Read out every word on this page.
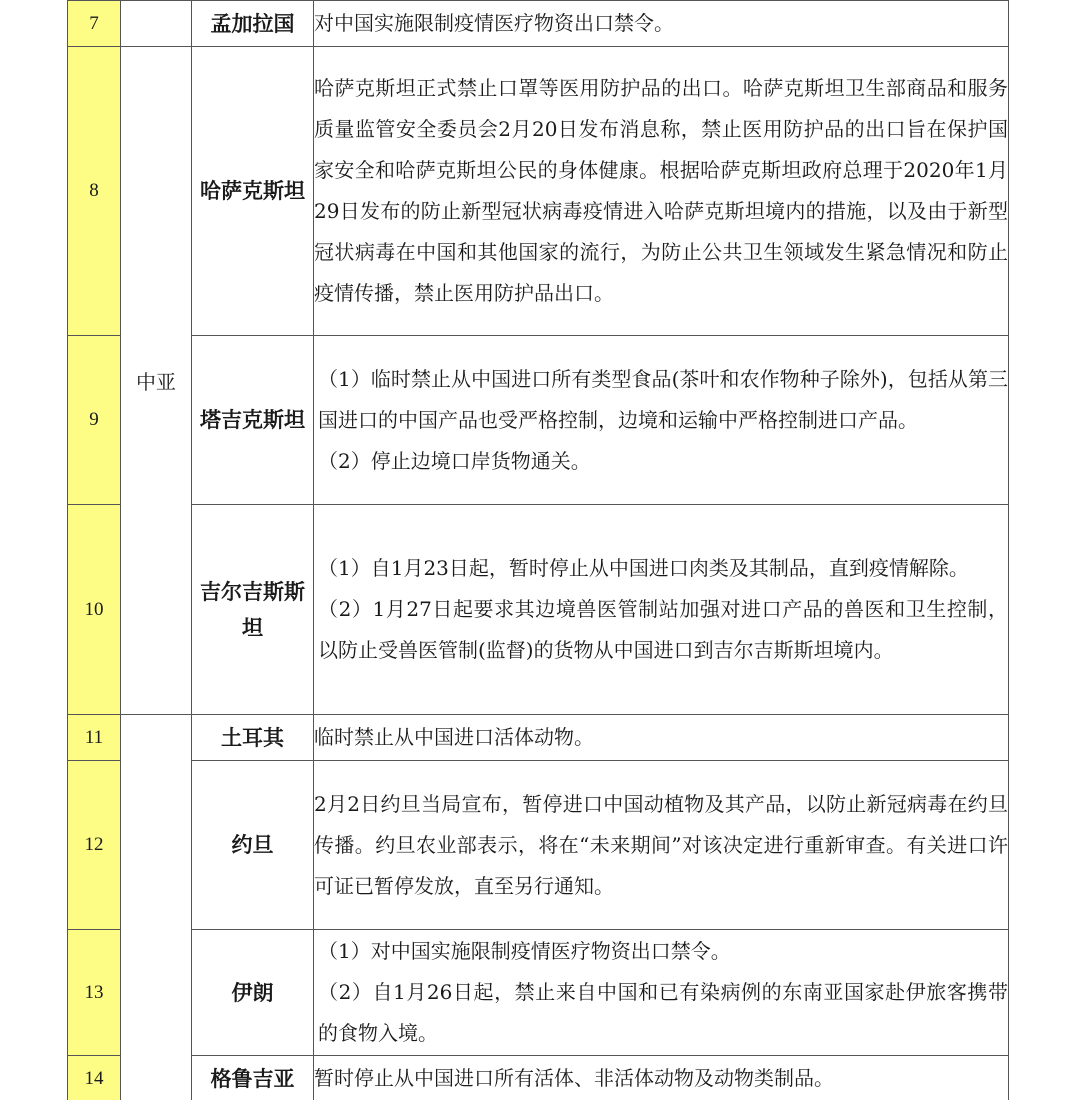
7		孟加拉国	对中国实施限制疫情医疗物资出口禁令。

8	中亚	哈萨克斯坦	哈萨克斯坦正式禁止口罩等医用防护品的出口。哈萨克斯坦卫生部商品和服务质量监管安全委员会2月20日发布消息称，禁止医用防护品的出口旨在保护国家安全和哈萨克斯坦公民的身体健康。根据哈萨克斯坦政府总理于2020年1月29日发布的防止新型冠状病毒疫情进入哈萨克斯坦境内的措施，以及由于新型冠状病毒在中国和其他国家的流行，为防止公共卫生领域发生紧急情况和防止疫情传播，禁止医用防护品出口。

9		塔吉克斯坦	（1）临时禁止从中国进口所有类型食品(茶叶和农作物种子除外)，包括从第三国进口的中国产品也受严格控制，边境和运输中严格控制进口产品。

（2）停止边境口岸货物通关。

10		吉尔吉斯斯坦	（1）自1月23日起，暂时停止从中国进口肉类及其制品，直到疫情解除。

（2）1月27日起要求其边境兽医管制站加强对进口产品的兽医和卫生控制，以防止受兽医管制(监督)的货物从中国进口到吉尔吉斯斯坦境内。

11		土耳其	临时禁止从中国进口活体动物。

12		约旦	2月2日约旦当局宣布，暂停进口中国动植物及其产品，以防止新冠病毒在约旦传播。约旦农业部表示，将在“未来期间”对该决定进行重新审查。有关进口许可证已暂停发放，直至另行通知。

13		伊朗	（1）对中国实施限制疫情医疗物资出口禁令。

（2）自1月26日起，禁止来自中国和已有染病例的东南亚国家赴伊旅客携带的食物入境。

14		格鲁吉亚	暂时停止从中国进口所有活体、非活体动物及动物类制品。
